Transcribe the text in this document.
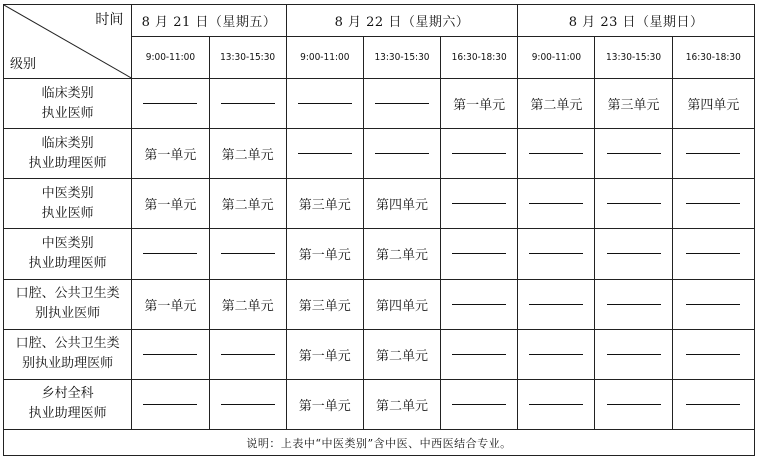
时间
级别	8 月 21 日（星期五）		8 月 22 日（星期六）			8 月 23 日（星期日）		
	9:00-11:00	13:30-15:30	9:00-11:00	13:30-15:30	16:30-18:30	9:00-11:00	13:30-15:30	16:30-18:30

临床类别
执业医师					第一单元	第二单元	第三单元	第四单元

临床类别
执业助理医师	第一单元	第二单元						

中医类别
执业医师	第一单元	第二单元	第三单元	第四单元				

中医类别
执业助理医师			第一单元	第二单元				

口腔、公共卫生类
别执业医师	第一单元	第二单元	第三单元	第四单元				

口腔、公共卫生类
别执业助理医师			第一单元	第二单元				

乡村全科
执业助理医师			第一单元	第二单元				
说明：上表中“中医类别”含中医、中西医结合专业。								
